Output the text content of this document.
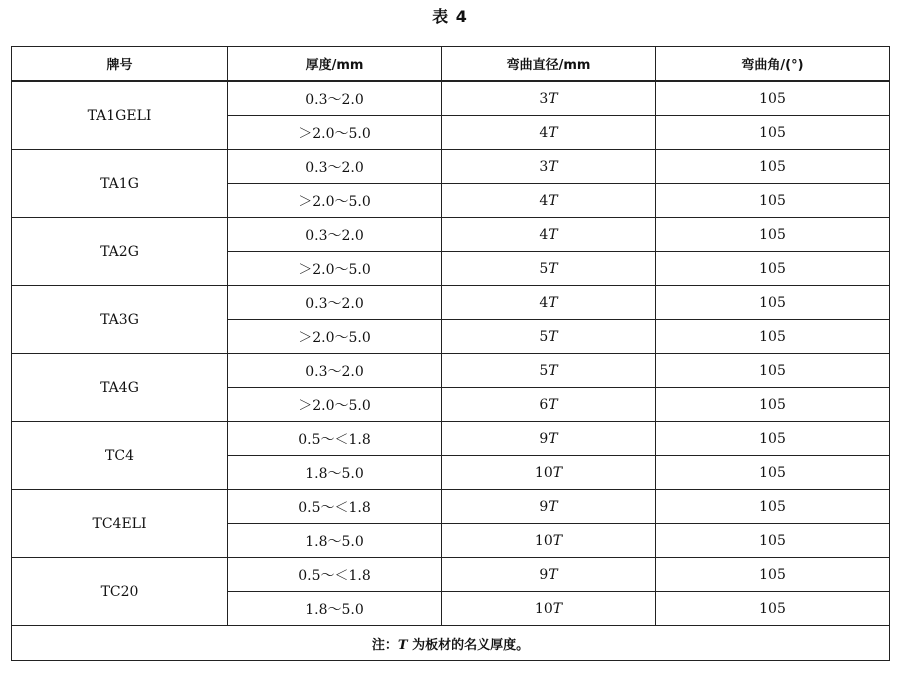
表 4
牌号	厚度/mm	弯曲直径/mm	弯曲角/(°)
TA1GELI	0.3～2.0	3T	105
	＞2.0～5.0	4T	105
TA1G	0.3～2.0	3T	105
	＞2.0～5.0	4T	105
TA2G	0.3～2.0	4T	105
	＞2.0～5.0	5T	105
TA3G	0.3～2.0	4T	105
	＞2.0～5.0	5T	105
TA4G	0.3～2.0	5T	105
	＞2.0～5.0	6T	105
TC4	0.5～＜1.8	9T	105
	1.8～5.0	10T	105
TC4ELI	0.5～＜1.8	9T	105
	1.8～5.0	10T	105
TC20	0.5～＜1.8	9T	105
	1.8～5.0	10T	105
注：T 为板材的名义厚度。			
